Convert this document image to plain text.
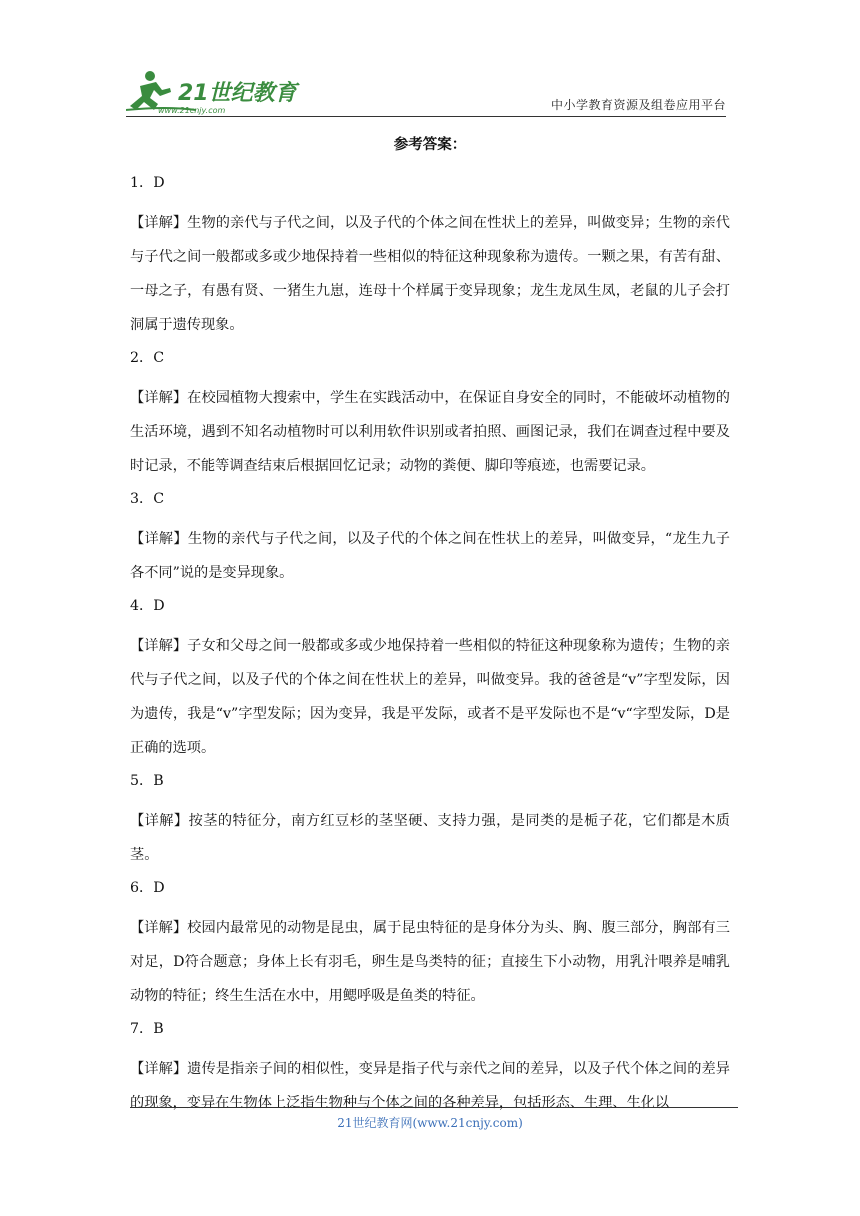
21世纪教育
www.21cnjy.com	中小学教育资源及组卷应用平台
参考答案：
1．D
【详解】生物的亲代与子代之间，以及子代的个体之间在性状上的差异，叫做变异；生物的亲代与子代之间一般都或多或少地保持着一些相似的特征这种现象称为遗传。一颗之果，有苦有甜、一母之子，有愚有贤、一猪生九崽，连母十个样属于变异现象；龙生龙凤生凤，老鼠的儿子会打洞属于遗传现象。
2．C
【详解】在校园植物大搜索中，学生在实践活动中，在保证自身安全的同时，不能破坏动植物的生活环境，遇到不知名动植物时可以利用软件识别或者拍照、画图记录，我们在调查过程中要及时记录，不能等调查结束后根据回忆记录；动物的粪便、脚印等痕迹，也需要记录。
3．C
【详解】生物的亲代与子代之间，以及子代的个体之间在性状上的差异，叫做变异，“龙生九子各不同”说的是变异现象。
4．D
【详解】子女和父母之间一般都或多或少地保持着一些相似的特征这种现象称为遗传；生物的亲代与子代之间，以及子代的个体之间在性状上的差异，叫做变异。我的爸爸是“v”字型发际，因为遗传，我是“v”字型发际；因为变异，我是平发际，或者不是平发际也不是“v“字型发际，D是正确的选项。
5．B
【详解】按茎的特征分，南方红豆杉的茎坚硬、支持力强，是同类的是栀子花，它们都是木质茎。
6．D
【详解】校园内最常见的动物是昆虫，属于昆虫特征的是身体分为头、胸、腹三部分，胸部有三对足，D符合题意；身体上长有羽毛，卵生是鸟类特的征；直接生下小动物，用乳汁喂养是哺乳动物的特征；终生生活在水中，用鳃呼吸是鱼类的特征。
7．B
【详解】遗传是指亲子间的相似性，变异是指子代与亲代之间的差异，以及子代个体之间的差异的现象，变异在生物体上泛指生物种与个体之间的各种差异，包括形态、生理、生化以
21世纪教育网(www.21cnjy.com)
